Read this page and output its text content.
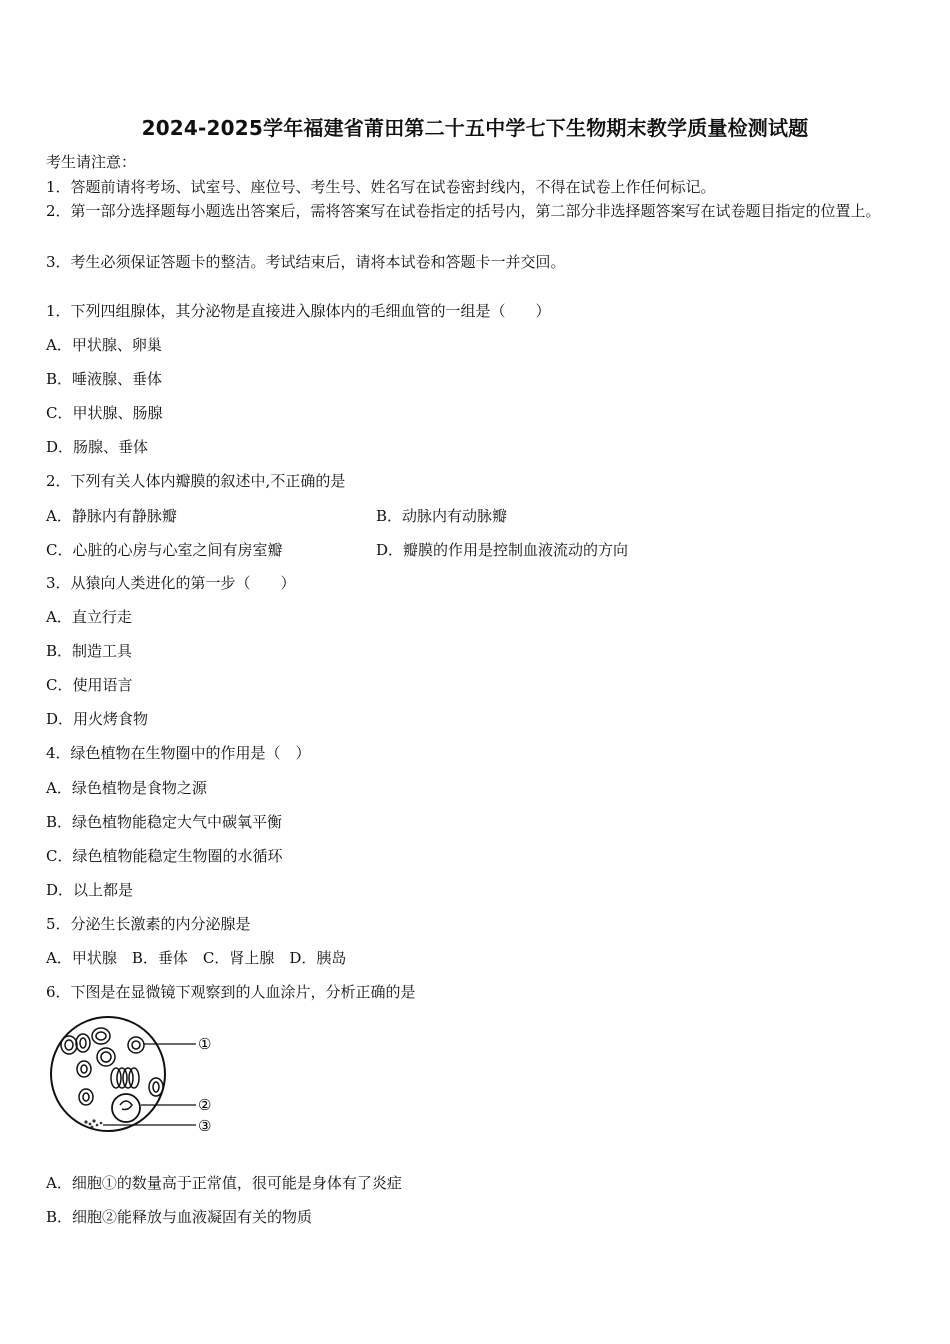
2024-2025学年福建省莆田第二十五中学七下生物期末教学质量检测试题
考生请注意：
1．答题前请将考场、试室号、座位号、考生号、姓名写在试卷密封线内，不得在试卷上作任何标记。
2．第一部分选择题每小题选出答案后，需将答案写在试卷指定的括号内，第二部分非选择题答案写在试卷题目指定的位置上。
3．考生必须保证答题卡的整洁。考试结束后，请将本试卷和答题卡一并交回。
1．下列四组腺体，其分泌物是直接进入腺体内的毛细血管的一组是（　　）
A．甲状腺、卵巢
B．唾液腺、垂体
C．甲状腺、肠腺
D．肠腺、垂体
2．下列有关人体内瓣膜的叙述中,不正确的是
A．静脉内有静脉瓣	B．动脉内有动脉瓣
C．心脏的心房与心室之间有房室瓣	D．瓣膜的作用是控制血液流动的方向
3．从猿向人类进化的第一步（　　）
A．直立行走
B．制造工具
C．使用语言
D．用火烤食物
4．绿色植物在生物圈中的作用是（　）
A．绿色植物是食物之源
B．绿色植物能稳定大气中碳氧平衡
C．绿色植物能稳定生物圈的水循环
D．以上都是
5．分泌生长激素的内分泌腺是
A．甲状腺　B．垂体　C．肾上腺　D．胰岛
6．下图是在显微镜下观察到的人血涂片，分析正确的是
①
②
③
A．细胞①的数量高于正常值，很可能是身体有了炎症
B．细胞②能释放与血液凝固有关的物质
